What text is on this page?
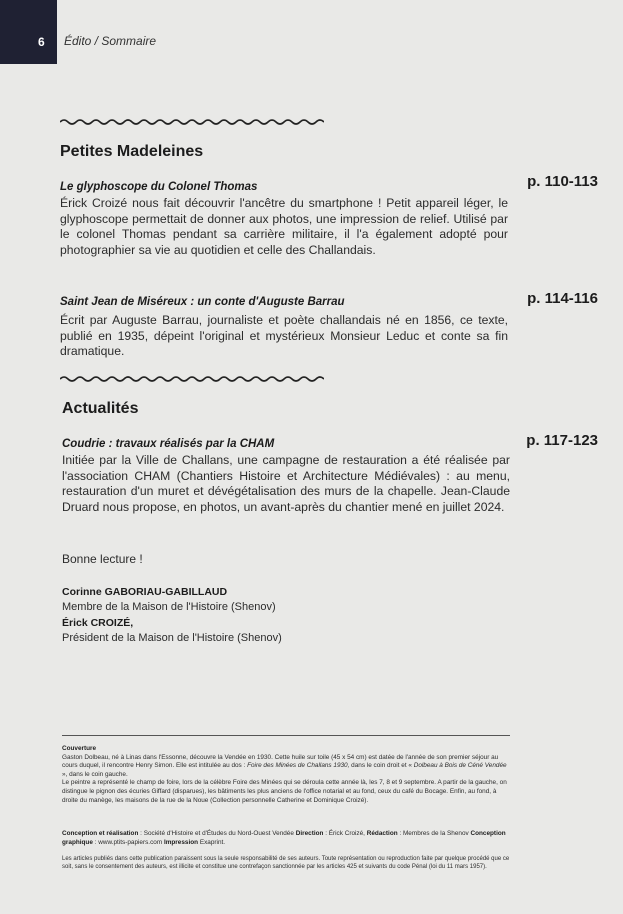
6 Édito / Sommaire
Petites Madeleines
Le glyphoscope du Colonel Thomas	p. 110-113
Érick Croizé nous fait découvrir l'ancêtre du smartphone ! Petit appareil léger, le glyphoscope permettait de donner aux photos, une impression de relief. Utilisé par le colonel Thomas pendant sa carrière militaire, il l'a également adopté pour photographier sa vie au quotidien et celle des Challandais.
Saint Jean de Miséreux : un conte d'Auguste Barrau	p. 114-116
Écrit par Auguste Barrau, journaliste et poète challandais né en 1856, ce texte, publié en 1935, dépeint l'original et mystérieux Monsieur Leduc et conte sa fin dramatique.
Actualités
Coudrie : travaux réalisés par la CHAM	p. 117-123
Initiée par la Ville de Challans, une campagne de restauration a été réalisée par l'association CHAM (Chantiers Histoire et Architecture Médiévales) : au menu, restauration d'un muret et dévégétalisation des murs de la chapelle. Jean-Claude Druard nous propose, en photos, un avant-après du chantier mené en juillet 2024.
Bonne lecture !
Corinne GABORIAU-GABILLAUD
Membre de la Maison de l'Histoire (Shenov)
Érick CROIZÉ,
Président de la Maison de l'Histoire (Shenov)
Couverture
Gaston Dolbeau, né à Linas dans l'Essonne, découvre la Vendée en 1930. Cette huile sur toile (45 x 54 cm) est datée de l'année de son premier séjour au cours duquel, il rencontre Henry Simon. Elle est intitulée au dos : Foire des Minées de Challans 1930, dans le coin droit et « Dolbeau à Bois de Céné Vendée », dans le coin gauche.
Le peintre a représenté le champ de foire, lors de la célèbre Foire des Minées qui se déroula cette année là, les 7, 8 et 9 septembre. A partir de la gauche, on distingue le pignon des écuries Giffard (disparues), les bâtiments les plus anciens de l'office notarial et au fond, ceux du café du Bocage. Enfin, au fond, à droite du manège, les maisons de la rue de la Noue (Collection personnelle Catherine et Dominique Croizé).
Conception et réalisation : Société d'Histoire et d'Études du Nord-Ouest Vendée Direction : Érick Croizé, Rédaction : Membres de la Shenov Conception graphique : www.ptits-papiers.com Impression Exaprint.
Les articles publiés dans cette publication paraissent sous la seule responsabilité de ses auteurs. Toute représentation ou reproduction faite par quelque procédé que ce soit, sans le consentement des auteurs, est illicite et constitue une contrefaçon sanctionnée par les articles 425 et suivants du code Pénal (loi du 11 mars 1957).
